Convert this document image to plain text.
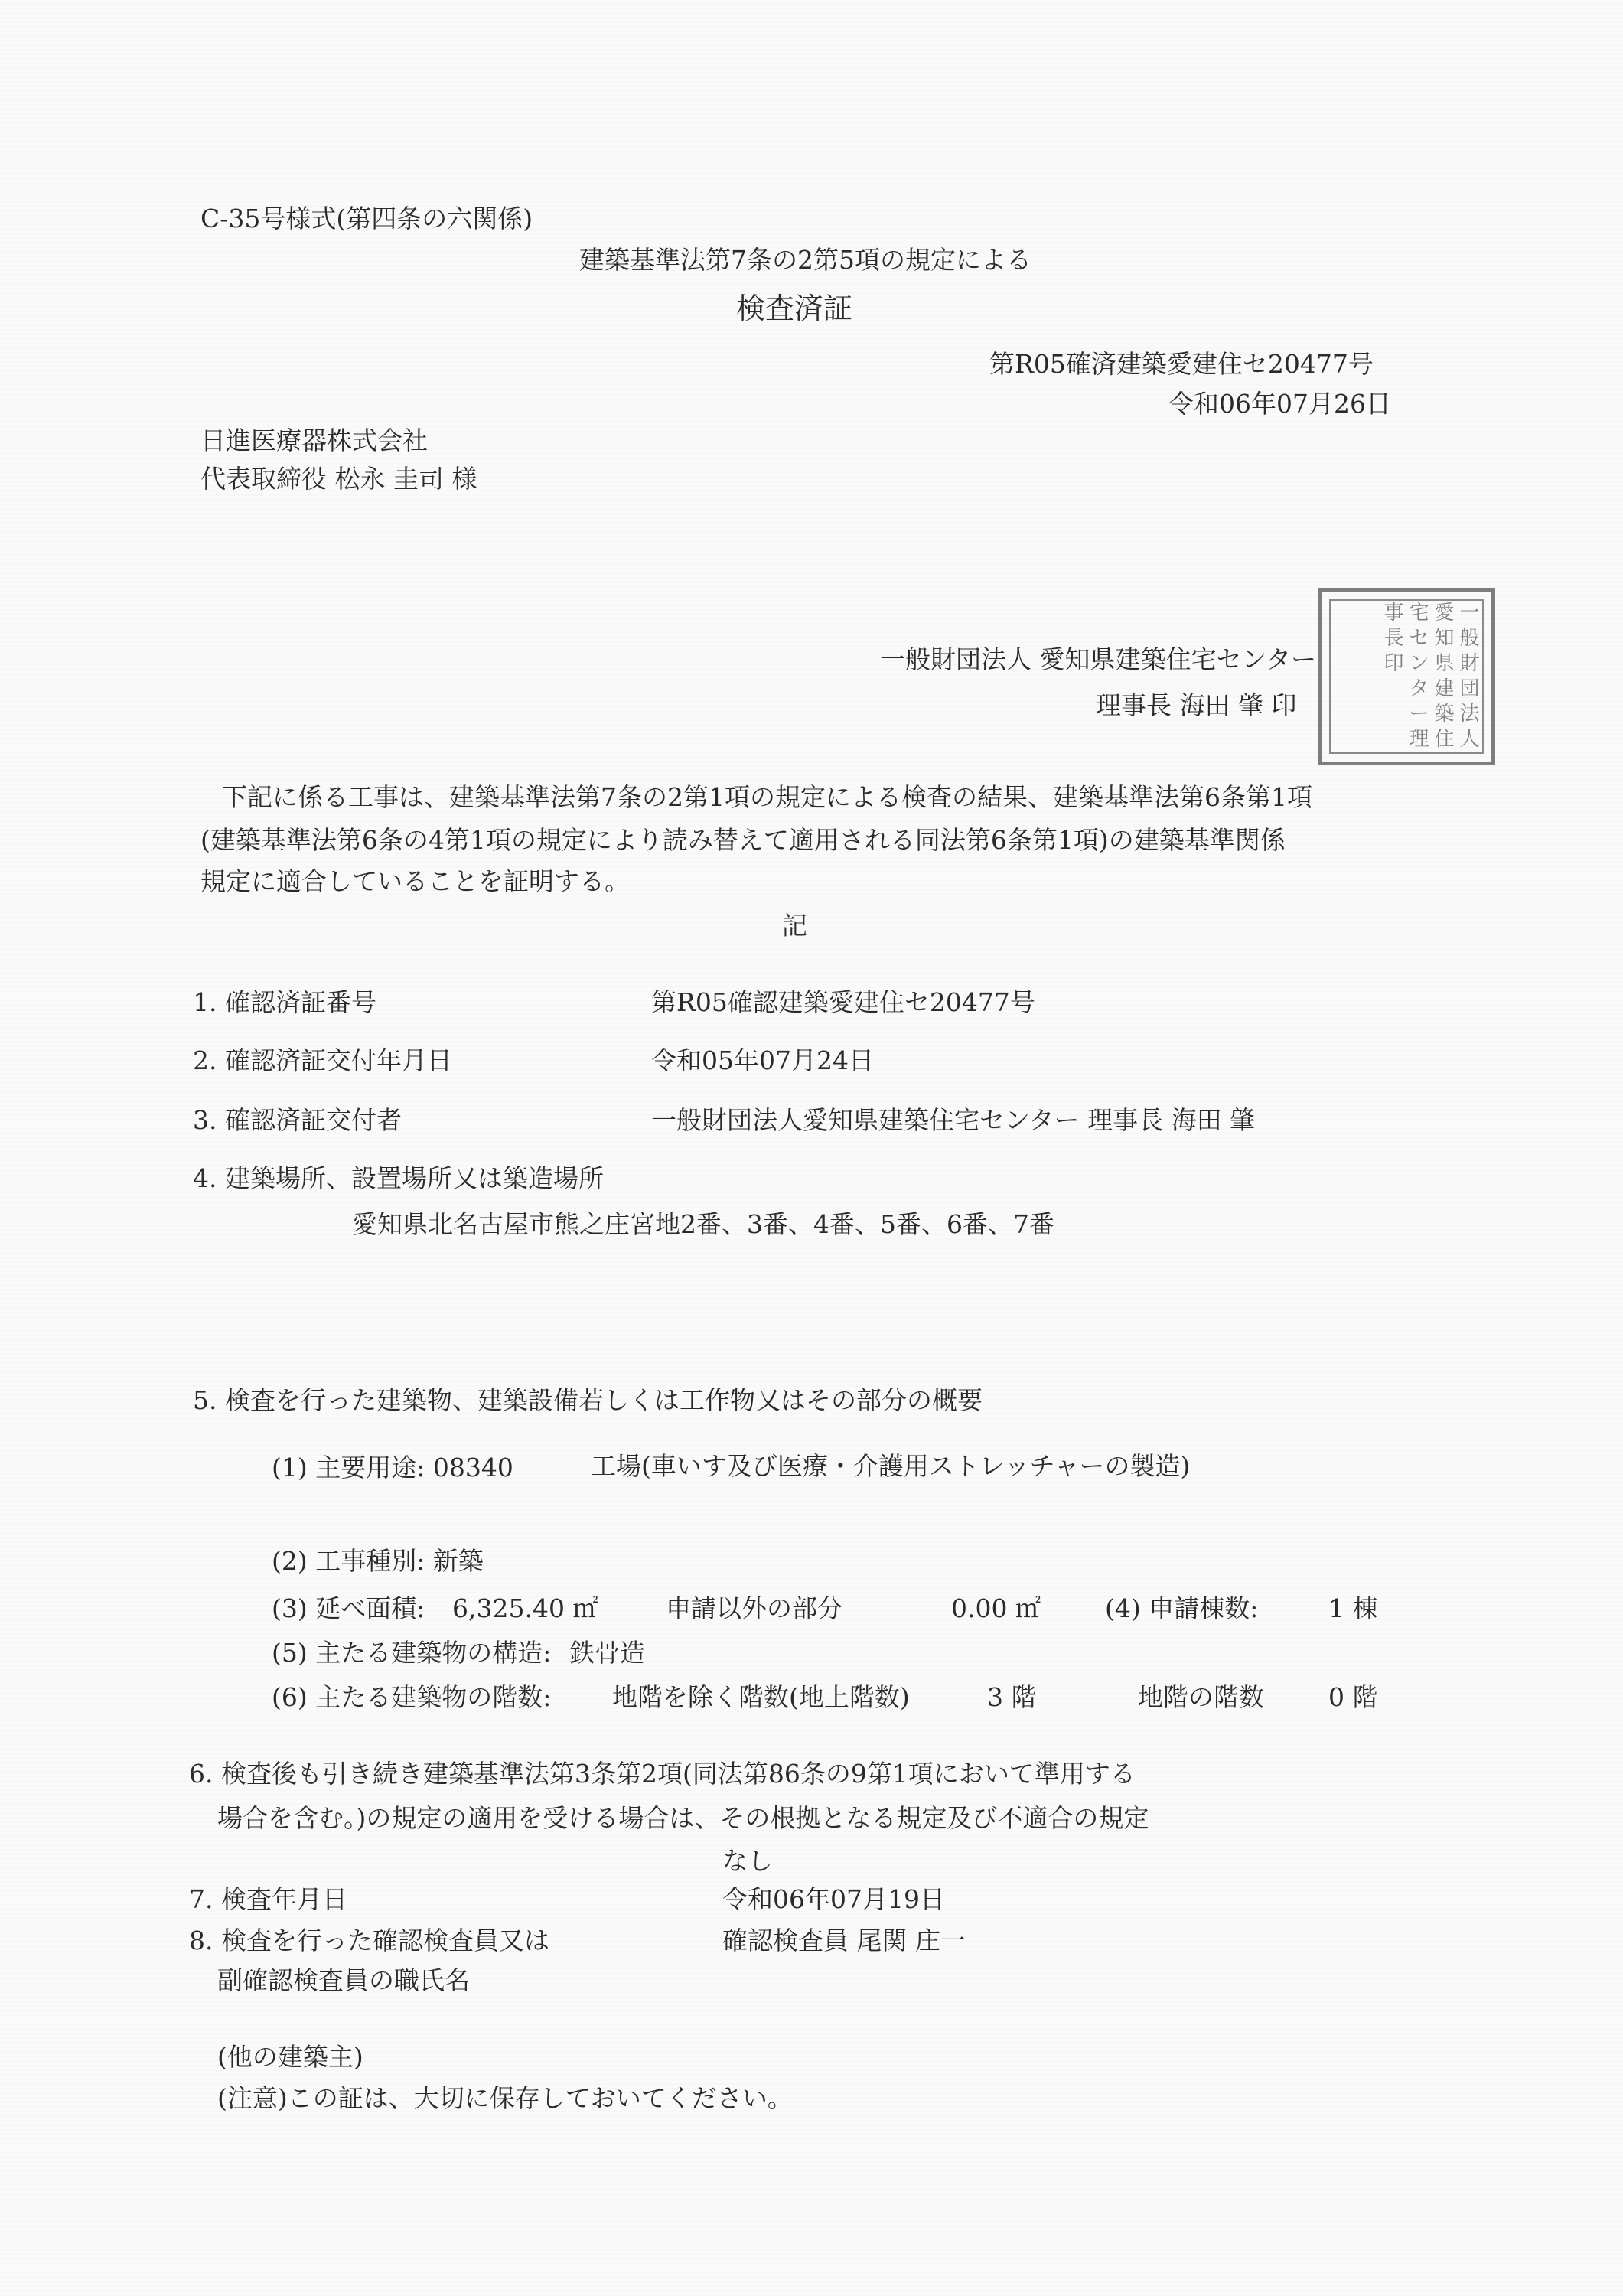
C-35号様式(第四条の六関係)
建築基準法第7条の2第5項の規定による
検査済証
第R05確済建築愛建住セ20477号
令和06年07月26日
日進医療器株式会社
代表取締役 松永 圭司 様
一
般
財
団
法
人
愛
知
県
建
築
住
宅
セ
ン
タ
ー
理
事
長
印
一般財団法人 愛知県建築住宅センター
理事長 海田 肇 印
下記に係る工事は、建築基準法第7条の2第1項の規定による検査の結果、建築基準法第6条第1項
(建築基準法第6条の4第1項の規定により読み替えて適用される同法第6条第1項)の建築基準関係
規定に適合していることを証明する。
記
1. 確認済証番号	第R05確認建築愛建住セ20477号
2. 確認済証交付年月日	令和05年07月24日
3. 確認済証交付者	一般財団法人愛知県建築住宅センター 理事長 海田 肇
4. 建築場所、設置場所又は築造場所
愛知県北名古屋市熊之庄宮地2番、3番、4番、5番、6番、7番
5. 検査を行った建築物、建築設備若しくは工作物又はその部分の概要
(1) 主要用途: 08340	工場(車いす及び医療・介護用ストレッチャーの製造)
(2) 工事種別: 新築
(3) 延べ面積: 6,325.40 ㎡	申請以外の部分	0.00 ㎡	(4) 申請棟数:	1 棟
(5) 主たる建築物の構造: 鉄骨造
(6) 主たる建築物の階数: 地階を除く階数(地上階数)	3 階	地階の階数	0 階
6. 検査後も引き続き建築基準法第3条第2項(同法第86条の9第1項において準用する
場合を含む。)の規定の適用を受ける場合は、その根拠となる規定及び不適合の規定
なし
7. 検査年月日	令和06年07月19日
8. 検査を行った確認検査員又は	確認検査員 尾関 庄一
副確認検査員の職氏名
(他の建築主)
(注意)この証は、大切に保存しておいてください。
